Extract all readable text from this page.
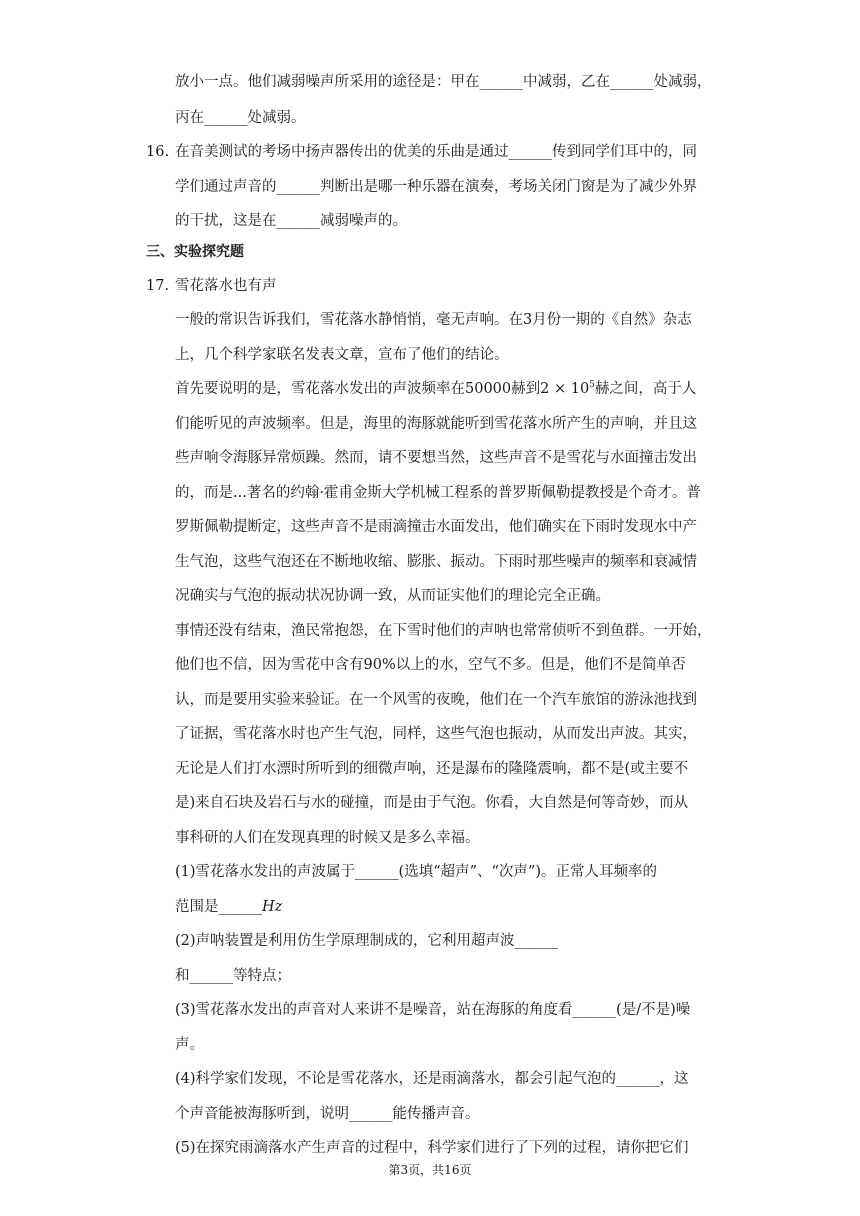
放小一点。他们减弱噪声所采用的途径是：甲在______中减弱，乙在______处减弱，
丙在______处减弱。
16. 在音美测试的考场中扬声器传出的优美的乐曲是通过______传到同学们耳中的，同
学们通过声音的______判断出是哪一种乐器在演奏，考场关闭门窗是为了减少外界
的干扰，这是在______减弱噪声的。
三、实验探究题
17. 雪花落水也有声
一般的常识告诉我们，雪花落水静悄悄，毫无声响。在3月份一期的《自然》杂志
上，几个科学家联名发表文章，宣布了他们的结论。
首先要说明的是，雪花落水发出的声波频率在50000赫到$2 \times 10^5$赫之间，高于人
们能听见的声波频率。但是，海里的海豚就能听到雪花落水所产生的声响，并且这
些声响令海豚异常烦躁。然而，请不要想当然，这些声音不是雪花与水面撞击发出
的，而是...著名的约翰·霍甫金斯大学机械工程系的普罗斯佩勒提教授是个奇才。普
罗斯佩勒提断定，这些声音不是雨滴撞击水面发出，他们确实在下雨时发现水中产
生气泡，这些气泡还在不断地收缩、膨胀、振动。下雨时那些噪声的频率和衰减情
况确实与气泡的振动状况协调一致，从而证实他们的理论完全正确。
事情还没有结束，渔民常抱怨，在下雪时他们的声呐也常常侦听不到鱼群。一开始，
他们也不信，因为雪花中含有90%以上的水，空气不多。但是，他们不是简单否
认，而是要用实验来验证。在一个风雪的夜晚，他们在一个汽车旅馆的游泳池找到
了证据，雪花落水时也产生气泡，同样，这些气泡也振动，从而发出声波。其实，
无论是人们打水漂时所听到的细微声响，还是瀑布的隆隆震响，都不是(或主要不
是)来自石块及岩石与水的碰撞，而是由于气泡。你看，大自然是何等奇妙，而从
事科研的人们在发现真理的时候又是多么幸福。
(1)雪花落水发出的声波属于______(选填“超声”、“次声”)。正常人耳频率的
范围是______Hz
(2)声呐装置是利用仿生学原理制成的，它利用超声波______
和______等特点；
(3)雪花落水发出的声音对人来讲不是噪音，站在海豚的角度看______(是/不是)噪
声。
(4)科学家们发现，不论是雪花落水，还是雨滴落水，都会引起气泡的______，这
个声音能被海豚听到，说明______能传播声音。
(5)在探究雨滴落水产生声音的过程中，科学家们进行了下列的过程，请你把它们
第3页，共16页
